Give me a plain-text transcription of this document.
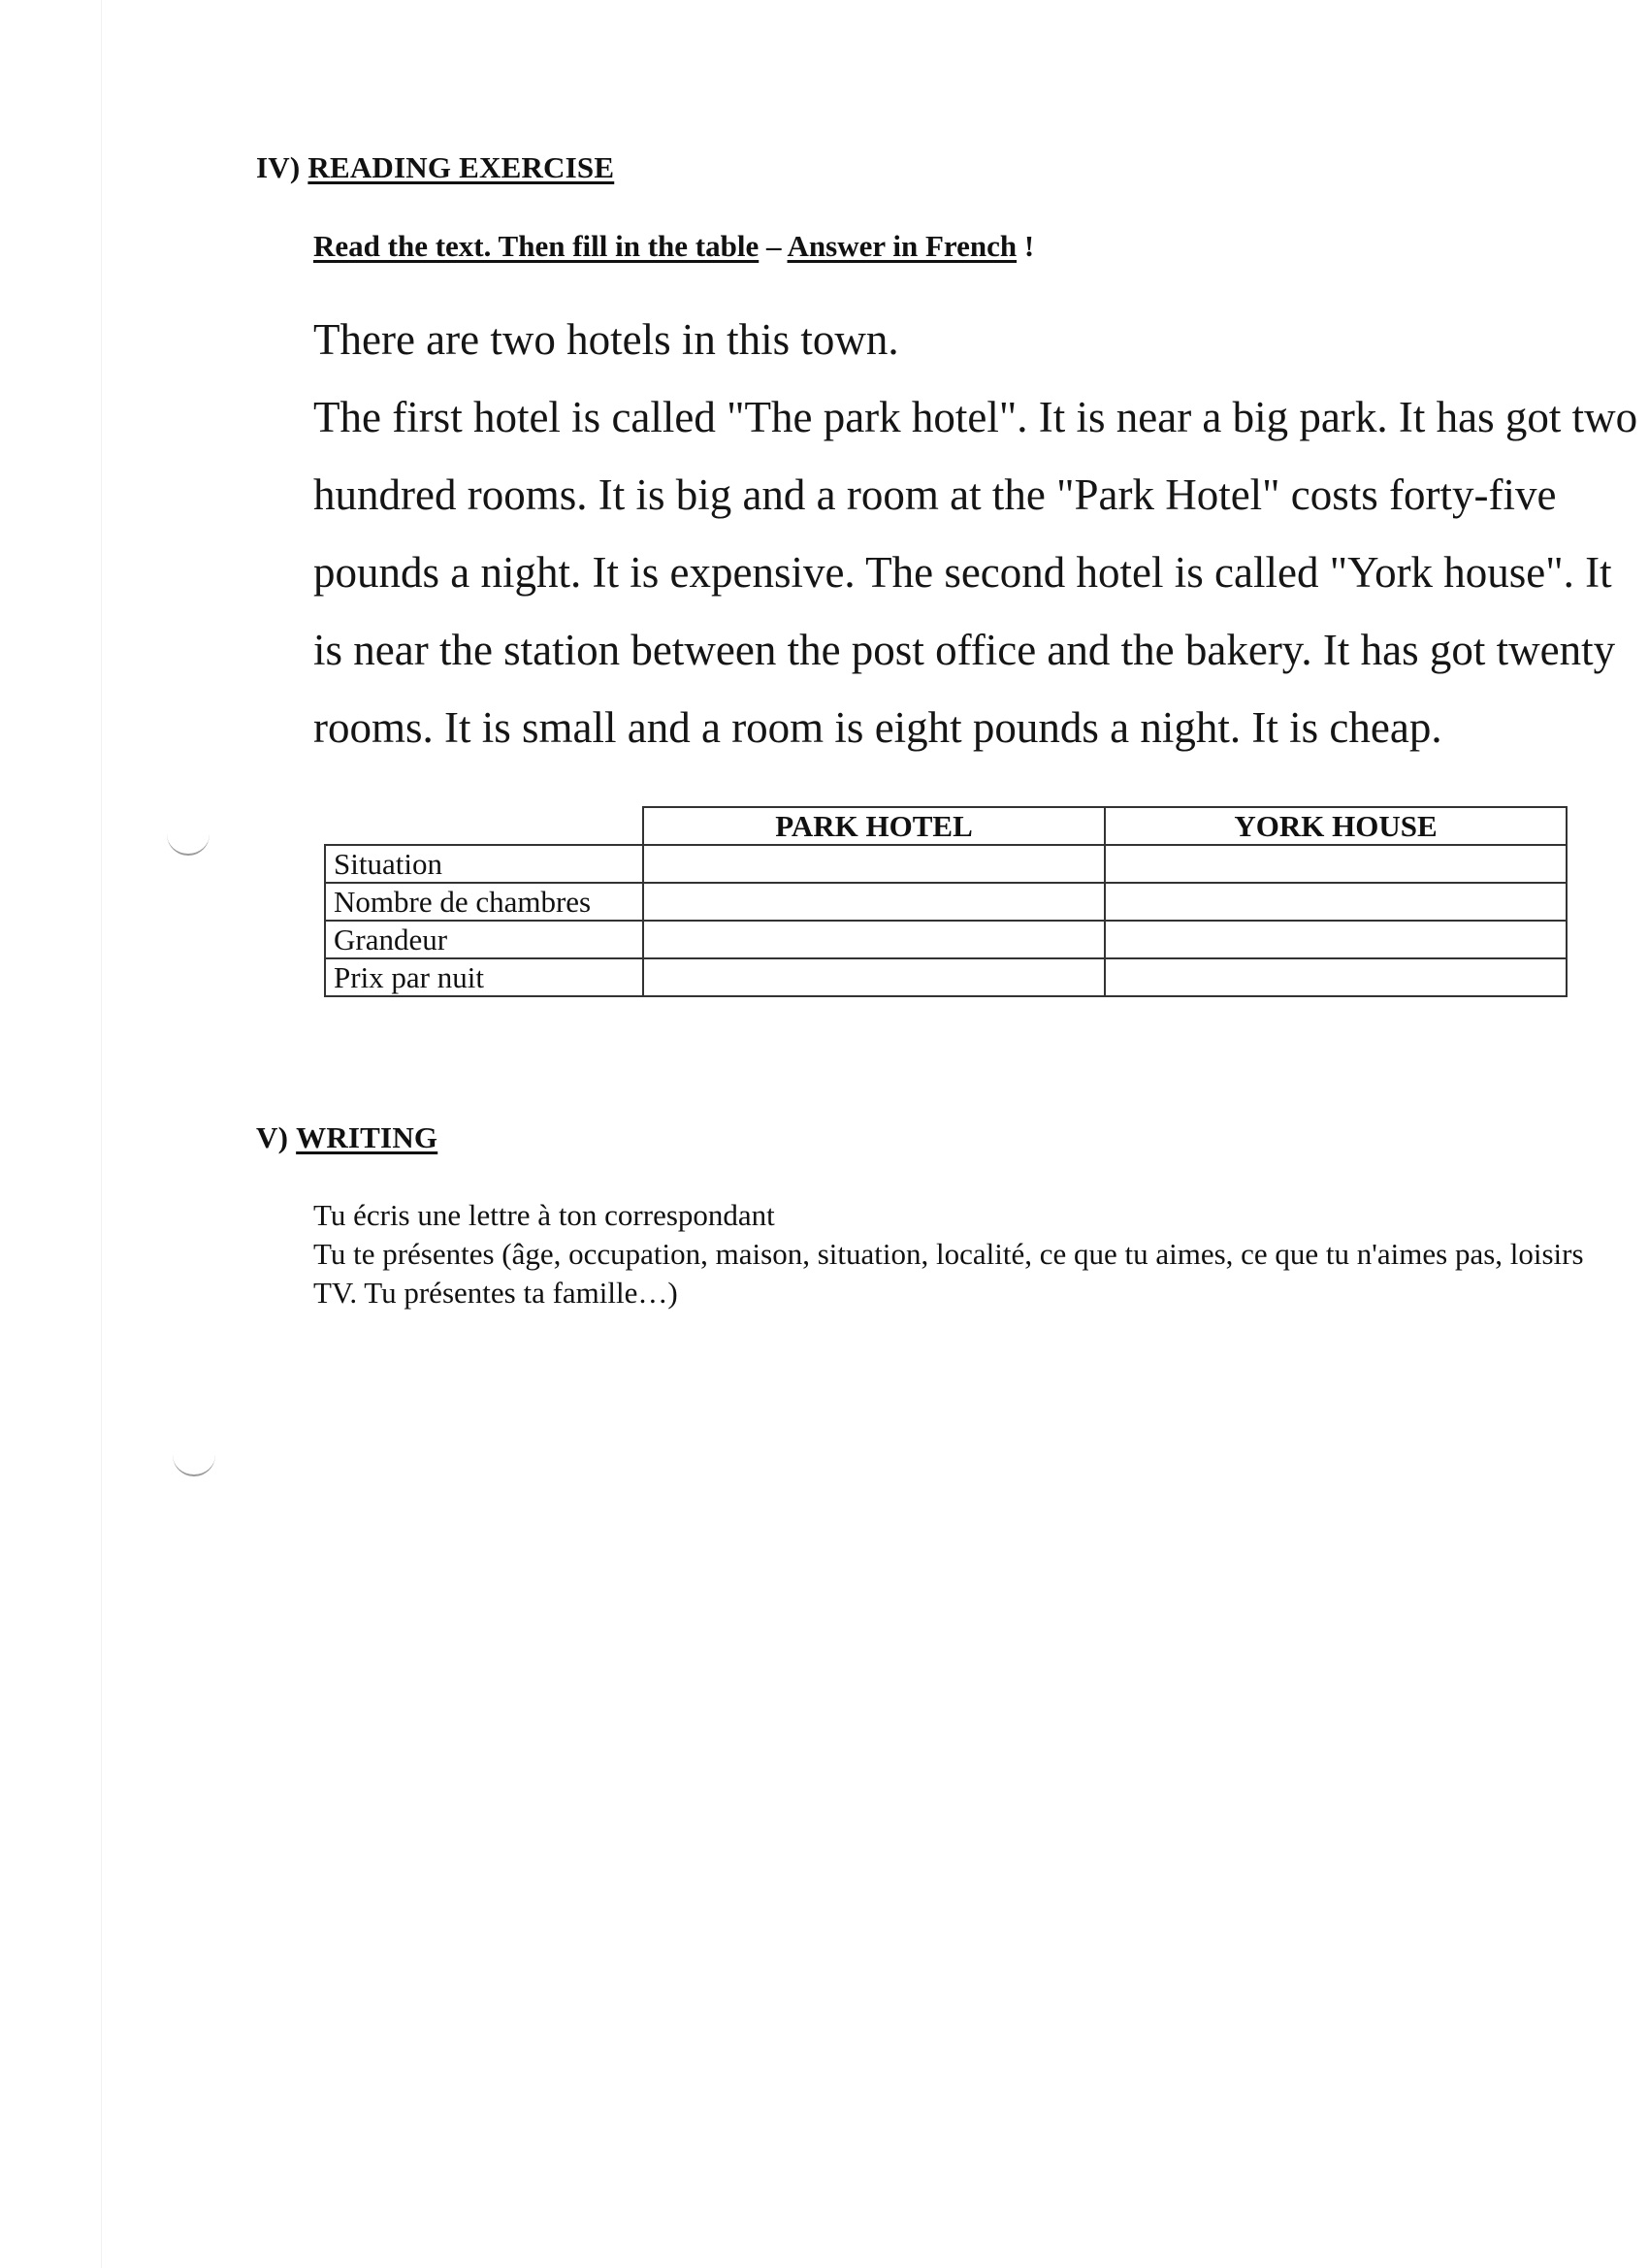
IV) READING EXERCISE
Read the text. Then fill in the table – Answer in French !

There are two hotels in this town.

The first hotel is called "The park hotel". It is near a big park. It has got two hundred rooms. It is big and a room at the "Park Hotel" costs forty-five pounds a night. It is expensive. The second hotel is called "York house". It is near the station between the post office and the bakery. It has got twenty rooms. It is small and a room is eight pounds a night. It is cheap.

	PARK HOTEL	YORK HOUSE
Situation		
Nombre de chambres		
Grandeur		
Prix par nuit		
V) WRITING

Tu écris une lettre à ton correspondant

Tu te présentes (âge, occupation, maison, situation, localité, ce que tu aimes, ce que tu n'aimes pas, loisirs TV. Tu présentes ta famille…)
